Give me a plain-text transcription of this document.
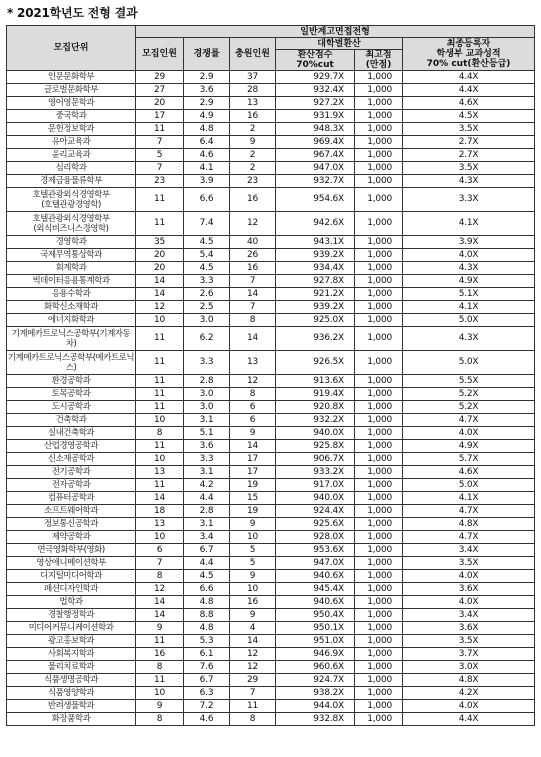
* 2021학년도 전형 결과
모집단위	일반계고면접전형					
	모집인원	경쟁률	충원인원	대학별환산		최종등록자
학생부 교과성적
70% cut(환산등급)
				환산점수
70%cut	최고점
(만점)	
인문문화학부	29	2.9	37	929.7X	1,000	4.4X
글로벌문화학부	27	3.6	28	932.4X	1,000	4.4X
영어영문학과	20	2.9	13	927.2X	1,000	4.6X
중국학과	17	4.9	16	931.9X	1,000	4.5X
문헌정보학과	11	4.8	2	948.3X	1,000	3.5X
유아교육과	7	6.4	9	969.4X	1,000	2.7X
윤리교육과	5	4.6	2	967.4X	1,000	2.7X
심리학과	7	4.1	2	947.0X	1,000	3.5X
경제금융물류학부	23	3.9	23	932.7X	1,000	4.3X
호텔관광외식경영학부
(호텔관광경영학)	11	6.6	16	954.6X	1,000	3.3X
호텔관광외식경영학부
(외식비즈니스경영학)	11	7.4	12	942.6X	1,000	4.1X
경영학과	35	4.5	40	943.1X	1,000	3.9X
국제무역통상학과	20	5.4	26	939.2X	1,000	4.0X
회계학과	20	4.5	16	934.4X	1,000	4.3X
빅데이터응용통계학과	14	3.3	7	927.8X	1,000	4.9X
응용수학과	14	2.6	14	921.2X	1,000	5.1X
화학신소재학과	12	2.5	7	939.2X	1,000	4.1X
에너지화학과	10	3.0	8	925.0X	1,000	5.0X
기계메카트로닉스공학부(기계자동차)	11	6.2	14	936.2X	1,000	4.3X
기계메카트로닉스공학부(메카트로닉스)	11	3.3	13	926.5X	1,000	5.0X
환경공학과	11	2.8	12	913.6X	1,000	5.5X
토목공학과	11	3.0	8	919.4X	1,000	5.2X
도시공학과	11	3.0	6	920.8X	1,000	5.2X
건축학과	10	3.1	6	932.2X	1,000	4.7X
실내건축학과	8	5.1	9	940.0X	1,000	4.0X
산업경영공학과	11	3.6	14	925.8X	1,000	4.9X
신소재공학과	10	3.3	17	906.7X	1,000	5.7X
전기공학과	13	3.1	17	933.2X	1,000	4.6X
전자공학과	11	4.2	19	917.0X	1,000	5.0X
컴퓨터공학과	14	4.4	15	940.0X	1,000	4.1X
소프트웨어학과	18	2.8	19	924.4X	1,000	4.7X
정보통신공학과	13	3.1	9	925.6X	1,000	4.8X
제약공학과	10	3.4	10	928.0X	1,000	4.7X
연극영화학부(영화)	6	6.7	5	953.6X	1,000	3.4X
영상애니메이션학부	7	4.4	5	947.0X	1,000	3.5X
디지털미디어학과	8	4.5	9	940.6X	1,000	4.0X
패션디자인학과	12	6.6	10	945.4X	1,000	3.6X
법학과	14	4.8	16	940.6X	1,000	4.0X
경찰행정학과	14	8.8	9	950.4X	1,000	3.4X
미디어커뮤니케이션학과	9	4.8	4	950.1X	1,000	3.6X
광고홍보학과	11	5.3	14	951.0X	1,000	3.5X
사회복지학과	16	6.1	12	946.9X	1,000	3.7X
물리치료학과	8	7.6	12	960.6X	1,000	3.0X
식품생명공학과	11	6.7	29	924.7X	1,000	4.8X
식품영양학과	10	6.3	7	938.2X	1,000	4.2X
반려생물학과	9	7.2	11	944.0X	1,000	4.0X
화장품학과	8	4.6	8	932.8X	1,000	4.4X
